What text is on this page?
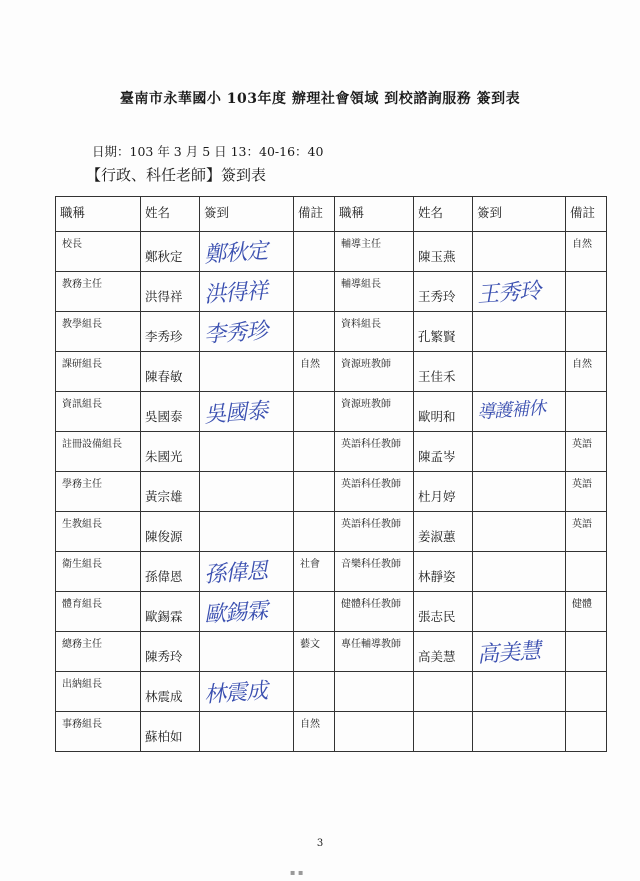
臺南市永華國小 103年度 辦理社會領域 到校諮詢服務 簽到表
日期：103 年 3 月 5 日 13：40-16：40
【行政、科任老師】簽到表
職稱	姓名	簽到	備註	職稱	姓名	簽到	備註

校長	鄭秋定	鄭秋定		輔導主任	陳玉燕		自然

教務主任	洪得祥	洪得祥		輔導組長	王秀玲	王秀玲	

教學組長	李秀珍	李秀珍		資料組長	孔繁賢		

課研組長	陳春敏		自然	資源班教師	王佳禾		自然

資訊組長	吳國泰	吳國泰		資源班教師	歐明和	導護補休	

註冊設備組長	朱國光			英語科任教師	陳孟岑		英語

學務主任	黃宗雄			英語科任教師	杜月婷		英語

生教組長	陳俊源			英語科任教師	姜淑蕙		英語

衛生組長	孫偉恩	孫偉恩	社會	音樂科任教師	林靜姿		

體育組長	歐錫霖	歐錫霖		健體科任教師	張志民		健體

總務主任	陳秀玲		藝文	專任輔導教師	高美慧	高美慧	

出納組長	林震成	林震成					

事務組長	蘇柏如		自然				

3
▪ ▪
